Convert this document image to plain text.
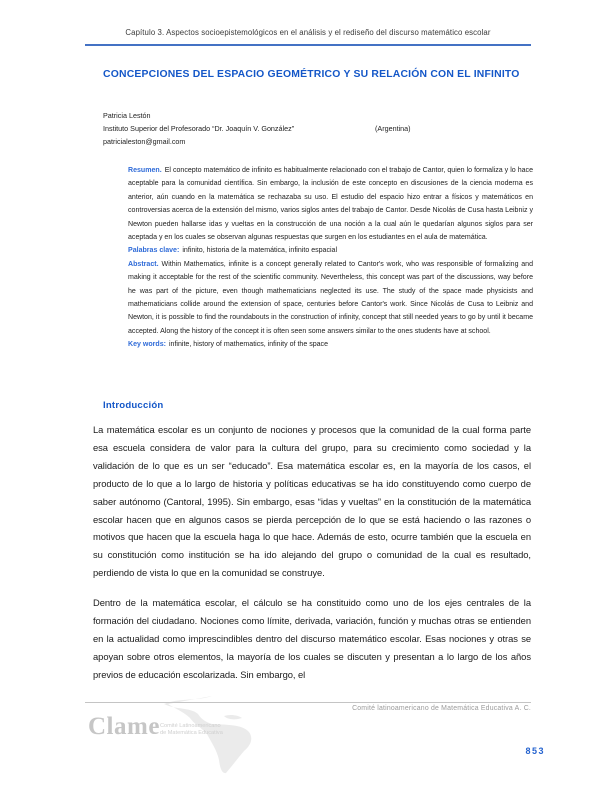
Capítulo 3. Aspectos socioepistemológicos en el análisis y el rediseño del discurso matemático escolar
CONCEPCIONES DEL ESPACIO GEOMÉTRICO Y SU RELACIÓN CON EL INFINITO
Patricia Lestón
Instituto Superior del Profesorado “Dr. Joaquín V. González”	(Argentina)
patricialeston@gmail.com

Resumen. El concepto matemático de infinito es habitualmente relacionado con el trabajo de Cantor, quien lo formaliza y lo hace aceptable para la comunidad científica. Sin embargo, la inclusión de este concepto en discusiones de la ciencia moderna es anterior, aún cuando en la matemática se rechazaba su uso. El estudio del espacio hizo entrar a físicos y matemáticos en controversias acerca de la extensión del mismo, varios siglos antes del trabajo de Cantor. Desde Nicolás de Cusa hasta Leibniz y Newton pueden hallarse idas y vueltas en la construcción de una noción a la cual aún le quedarían algunos siglos para ser aceptada y en los cuales se observan algunas respuestas que surgen en los estudiantes en el aula de matemática.

Palabras clave: infinito, historia de la matemática, infinito espacial

Abstract. Within Mathematics, infinite is a concept generally related to Cantor's work, who was responsible of formalizing and making it acceptable for the rest of the scientific community. Nevertheless, this concept was part of the discussions, way before he was part of the picture, even though mathematicians neglected its use. The study of the space made physicists and mathematicians collide around the extension of space, centuries before Cantor's work. Since Nicolás de Cusa to Leibniz and Newton, it is possible to find the roundabouts in the construction of infinity, concept that still needed years to go by until it became accepted. Along the history of the concept it is often seen some answers similar to the ones students have at school.

Key words: infinite, history of mathematics, infinity of the space

Introducción

La matemática escolar es un conjunto de nociones y procesos que la comunidad de la cual forma parte esa escuela considera de valor para la cultura del grupo, para su crecimiento como sociedad y la validación de lo que es un ser “educado”. Esa matemática escolar es, en la mayoría de los casos, el producto de lo que a lo largo de historia y políticas educativas se ha ido constituyendo como cuerpo de saber autónomo (Cantoral, 1995). Sin embargo, esas “idas y vueltas” en la constitución de la matemática escolar hacen que en algunos casos se pierda percepción de lo que se está haciendo o las razones o motivos que hacen que la escuela haga lo que hace. Además de esto, ocurre también que la escuela en su constitución como institución se ha ido alejando del grupo o comunidad de la cual es resultado, perdiendo de vista lo que en la comunidad se construye.

Dentro de la matemática escolar, el cálculo se ha constituido como uno de los ejes centrales de la formación del ciudadano. Nociones como límite, derivada, variación, función y muchas otras se entienden en la actualidad como imprescindibles dentro del discurso matemático escolar. Esas nociones y otras se apoyan sobre otros elementos, la mayoría de los cuales se discuten y presentan a lo largo de los años previos de educación escolarizada. Sin embargo, el

Comité latinoamericano de Matemática Educativa A. C.
Clame Comité Latinoamericano
de Matemática Educativa
853
